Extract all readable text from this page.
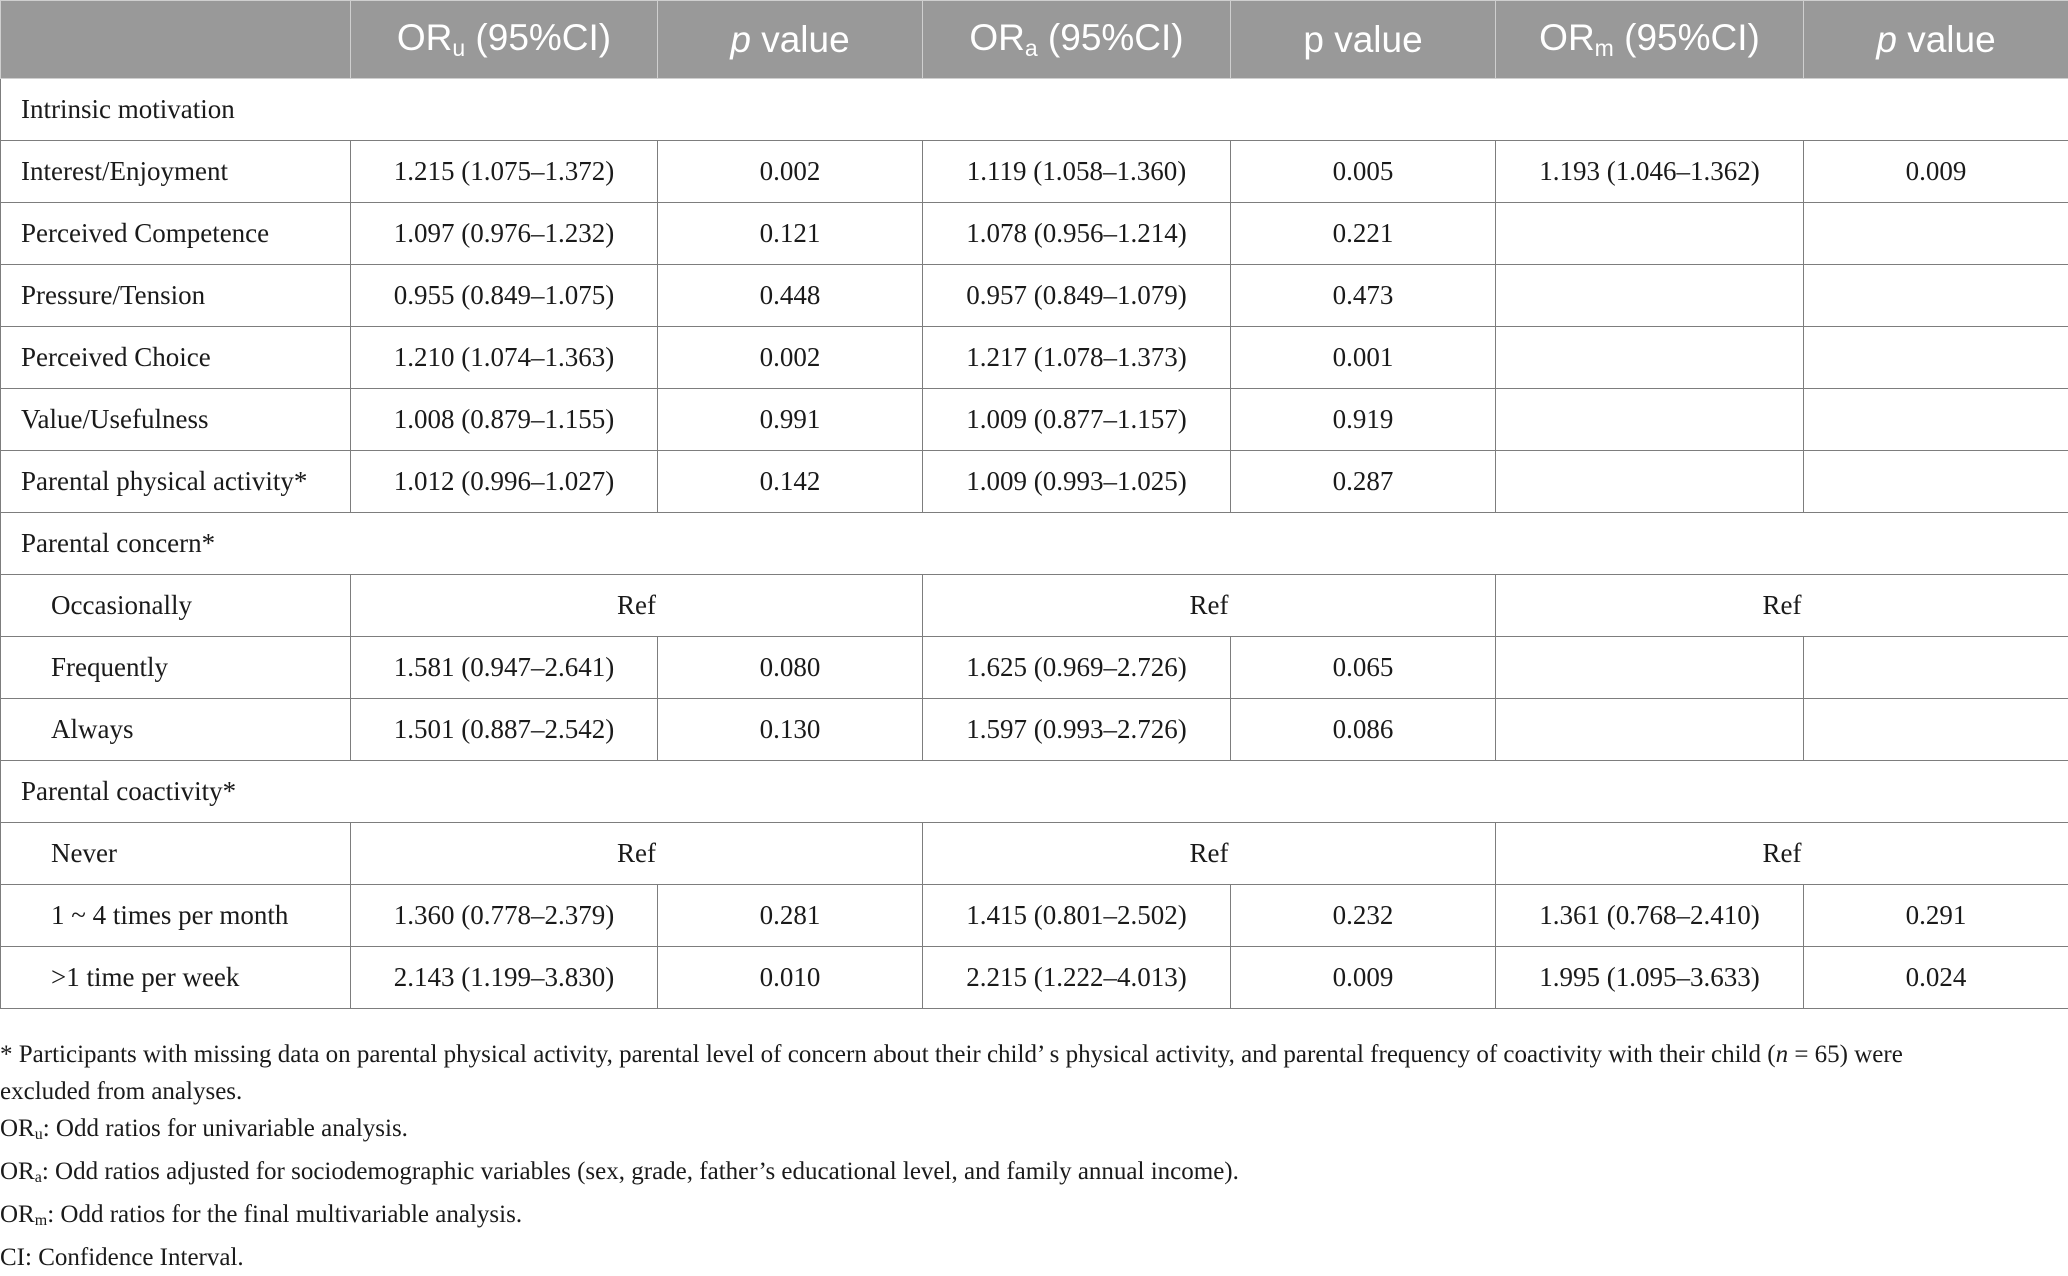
	$OR_u$ (95%CI)	p value	$OR_a$ (95%CI)	p value	$OR_m$ (95%CI)	p value
Intrinsic motivation						
Interest/Enjoyment	1.215 (1.075–1.372)	0.002	1.119 (1.058–1.360)	0.005	1.193 (1.046–1.362)	0.009
Perceived Competence	1.097 (0.976–1.232)	0.121	1.078 (0.956–1.214)	0.221		
Pressure/Tension	0.955 (0.849–1.075)	0.448	0.957 (0.849–1.079)	0.473		
Perceived Choice	1.210 (1.074–1.363)	0.002	1.217 (1.078–1.373)	0.001		
Value/Usefulness	1.008 (0.879–1.155)	0.991	1.009 (0.877–1.157)	0.919		
Parental physical activity*	1.012 (0.996–1.027)	0.142	1.009 (0.993–1.025)	0.287		
Parental concern*						
Occasionally	Ref		Ref		Ref	
Frequently	1.581 (0.947–2.641)	0.080	1.625 (0.969–2.726)	0.065		
Always	1.501 (0.887–2.542)	0.130	1.597 (0.993–2.726)	0.086		
Parental coactivity*						
Never	Ref		Ref		Ref	
1 ~ 4 times per month	1.360 (0.778–2.379)	0.281	1.415 (0.801–2.502)	0.232	1.361 (0.768–2.410)	0.291
>1 time per week	2.143 (1.199–3.830)	0.010	2.215 (1.222–4.013)	0.009	1.995 (1.095–3.633)	0.024

* Participants with missing data on parental physical activity, parental level of concern about their child’ s physical activity, and parental frequency of coactivity with their child (n = 65) were

excluded from analyses.

$OR_u$: Odd ratios for univariable analysis.

$OR_a$: Odd ratios adjusted for sociodemographic variables (sex, grade, father’s educational level, and family annual income).

$OR_m$: Odd ratios for the final multivariable analysis.

CI: Confidence Interval.
